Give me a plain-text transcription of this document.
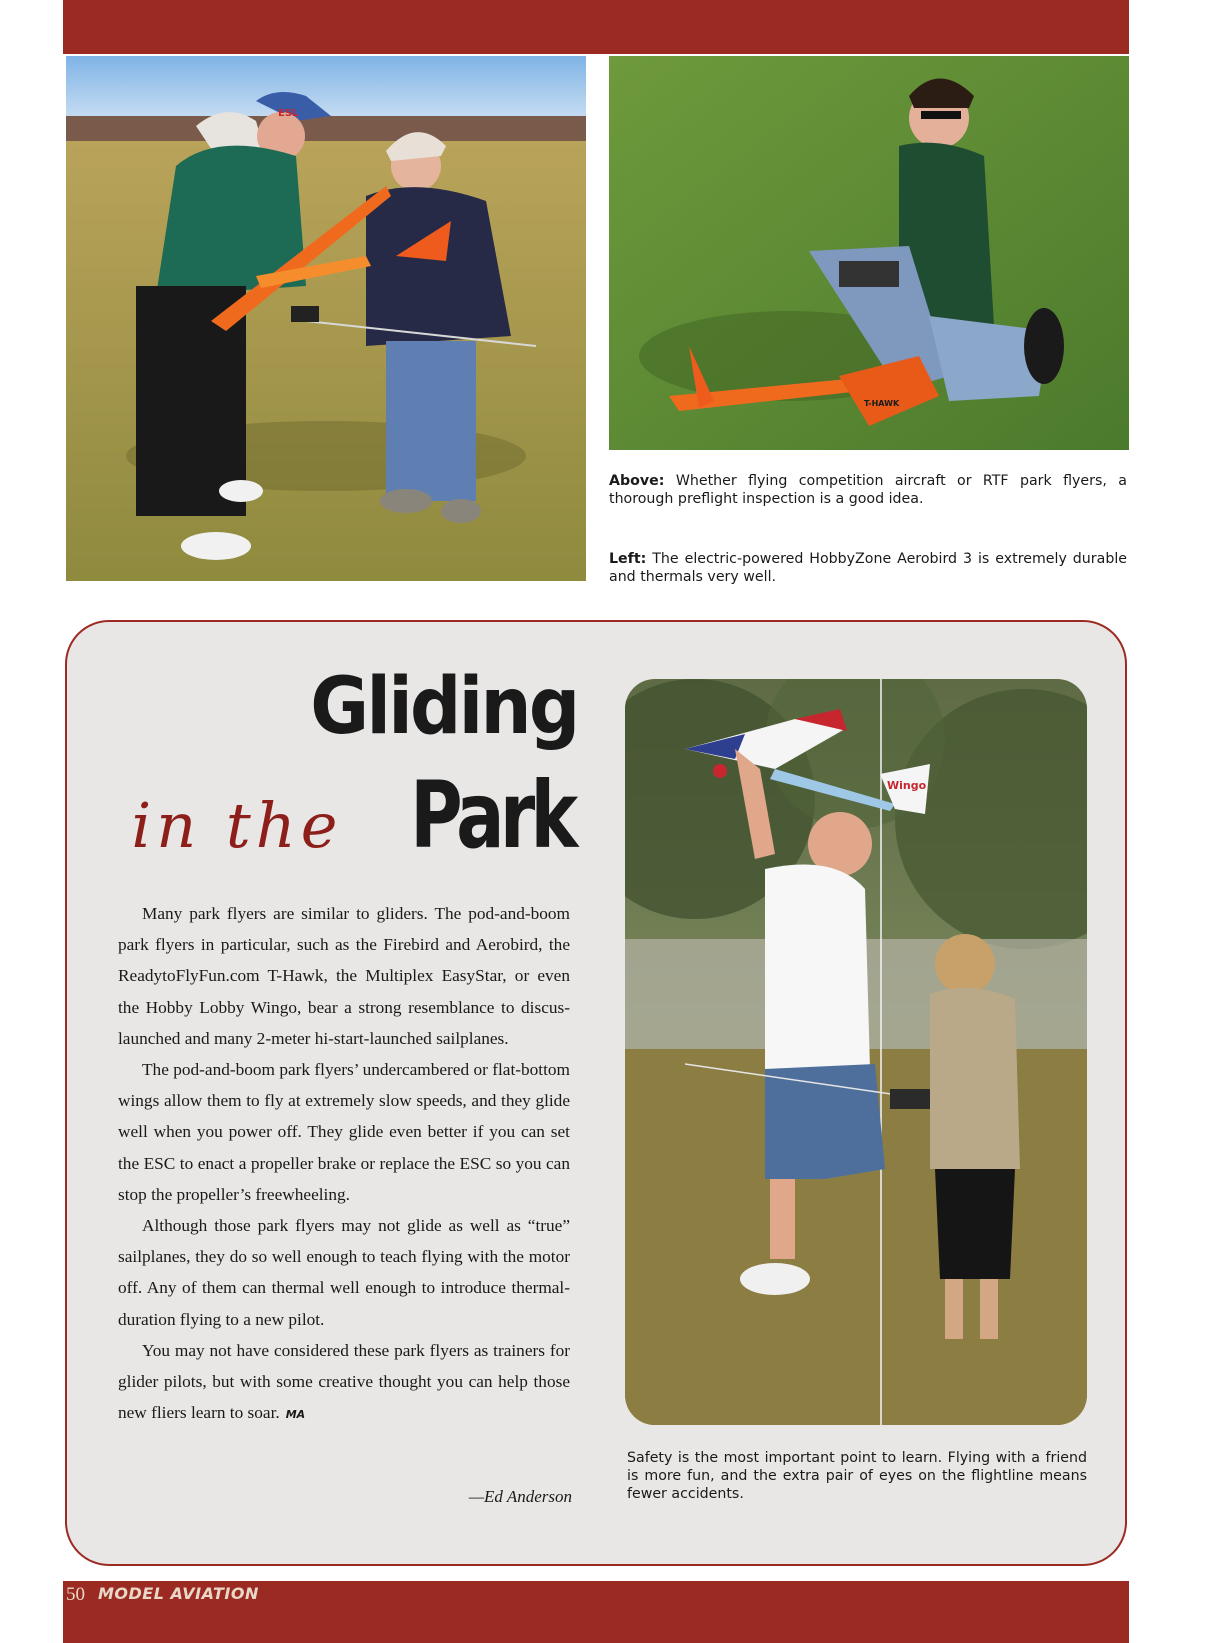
ESL
T-HAWK

Above: Whether flying competition aircraft or RTF park flyers, a thorough preflight inspection is a good idea.

Left: The electric-powered HobbyZone Aerobird 3 is extremely durable and thermals very well.

Gliding
in the Park

Many park flyers are similar to gliders. The pod-and-boom park flyers in particular, such as the Firebird and Aerobird, the ReadytoFlyFun.com T-Hawk, the Multiplex EasyStar, or even the Hobby Lobby Wingo, bear a strong resemblance to discus-launched and many 2-meter hi-start-launched sailplanes.

The pod-and-boom park flyers’ undercambered or flat-bottom wings allow them to fly at extremely slow speeds, and they glide well when you power off. They glide even better if you can set the ESC to enact a propeller brake or replace the ESC so you can stop the propeller’s freewheeling.

Although those park flyers may not glide as well as “true” sailplanes, they do so well enough to teach flying with the motor off. Any of them can thermal well enough to introduce thermal-duration flying to a new pilot.

You may not have considered these park flyers as trainers for glider pilots, but with some creative thought you can help those new fliers learn to soar. MA

—Ed Anderson
Wingo

Safety is the most important point to learn. Flying with a friend is more fun, and the extra pair of eyes on the flightline means fewer accidents.

50 MODEL AVIATION
